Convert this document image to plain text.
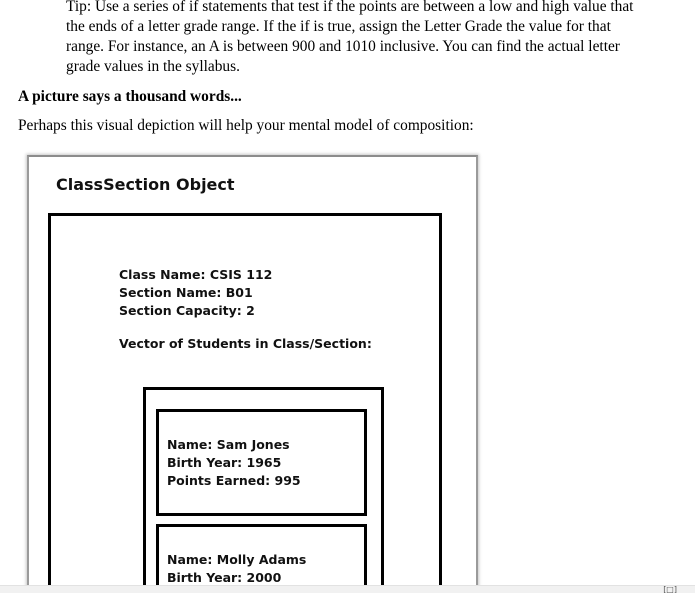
Tip: Use a series of if statements that test if the points are between a low and high value that the ends of a letter grade range. If the if is true, assign the Letter Grade the value for that range. For instance, an A is between 900 and 1010 inclusive. You can find the actual letter grade values in the syllabus.

A picture says a thousand words...

Perhaps this visual depiction will help your mental model of composition:

ClassSection Object
Class Name: CSIS 112
Section Name: B01
Section Capacity: 2
Vector of Students in Class/Section:
Name: Sam Jones
Birth Year: 1965
Points Earned: 995
Name: Molly Adams
Birth Year: 2000
[□]
